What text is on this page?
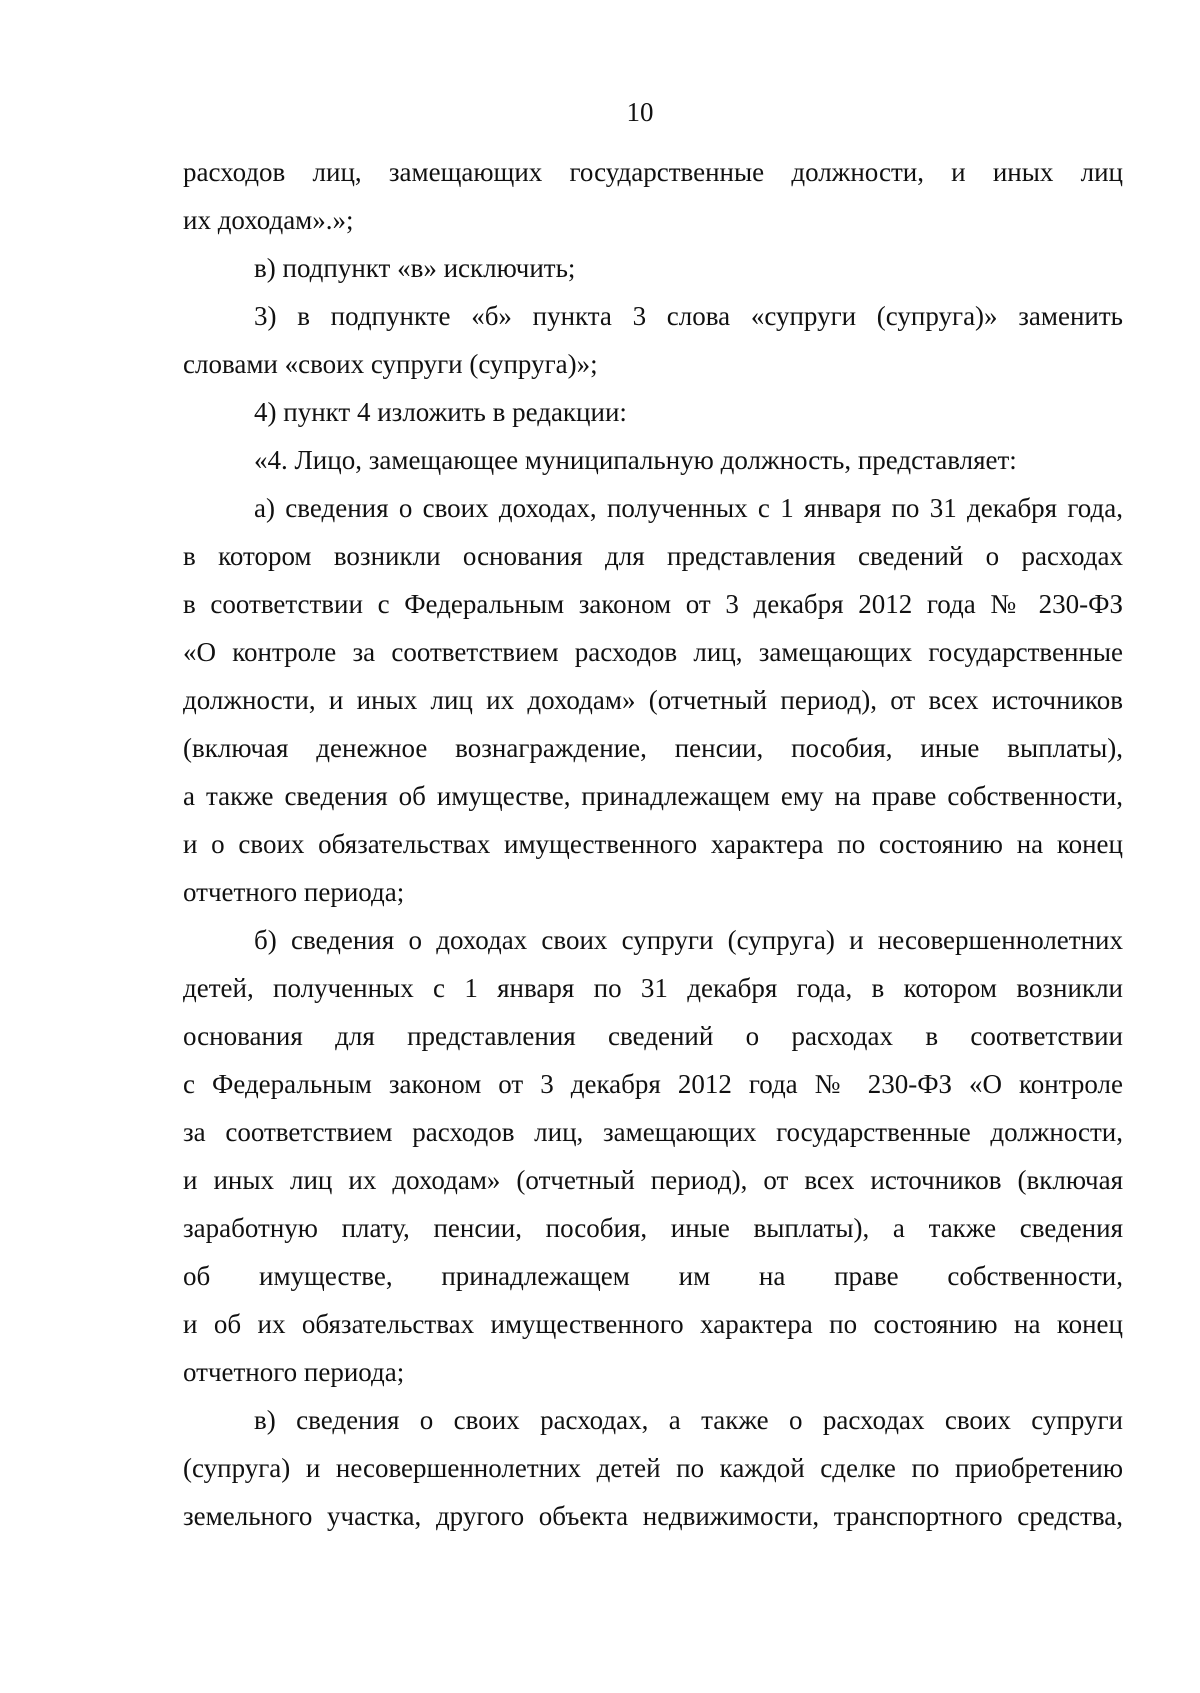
10
расходов лиц, замещающих государственные должности, и иных лиц
их доходам».»;
в) подпункт «в» исключить;
3) в подпункте «б» пункта 3 слова «супруги (супруга)» заменить
словами «своих супруги (супруга)»;
4) пункт 4 изложить в редакции:
«4. Лицо, замещающее муниципальную должность, представляет:
а) сведения о своих доходах, полученных с 1 января по 31 декабря года,
в котором возникли основания для представления сведений о расходах
в соответствии с Федеральным законом от 3 декабря 2012 года № 230-ФЗ
«О контроле за соответствием расходов лиц, замещающих государственные
должности, и иных лиц их доходам» (отчетный период), от всех источников
(включая денежное вознаграждение, пенсии, пособия, иные выплаты),
а также сведения об имуществе, принадлежащем ему на праве собственности,
и о своих обязательствах имущественного характера по состоянию на конец
отчетного периода;
б) сведения о доходах своих супруги (супруга) и несовершеннолетних
детей, полученных с 1 января по 31 декабря года, в котором возникли
основания для представления сведений о расходах в соответствии
с Федеральным законом от 3 декабря 2012 года № 230-ФЗ «О контроле
за соответствием расходов лиц, замещающих государственные должности,
и иных лиц их доходам» (отчетный период), от всех источников (включая
заработную плату, пенсии, пособия, иные выплаты), а также сведения
об имуществе, принадлежащем им на праве собственности,
и об их обязательствах имущественного характера по состоянию на конец
отчетного периода;
в) сведения о своих расходах, а также о расходах своих супруги
(супруга) и несовершеннолетних детей по каждой сделке по приобретению
земельного участка, другого объекта недвижимости, транспортного средства,
